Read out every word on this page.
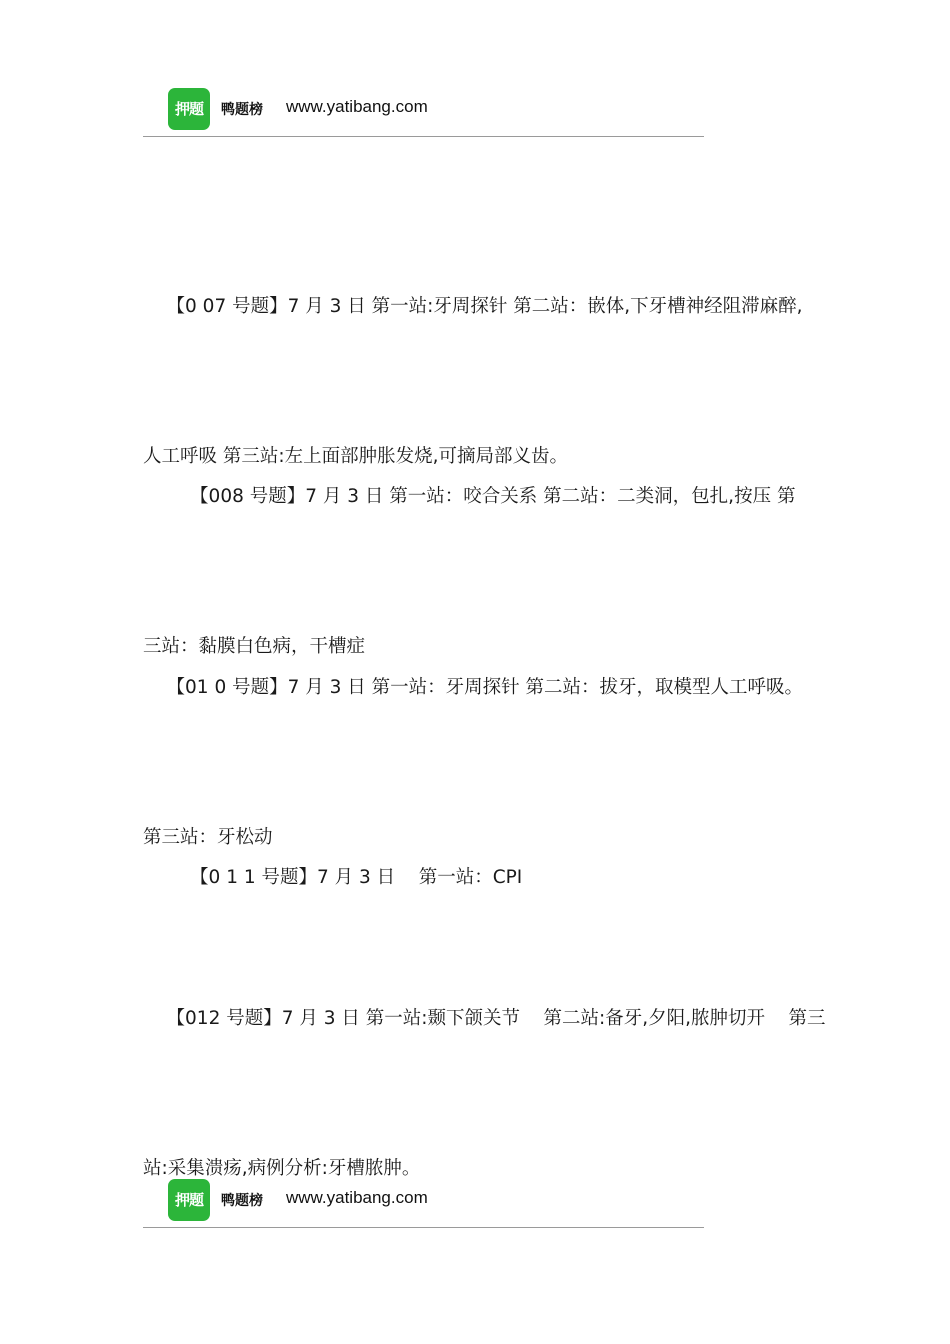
押题	鸭题榜 www.yatibang.com

【0 07 号题】7 月 3 日 第一站:牙周探针 第二站：嵌体,下牙槽神经阻滞麻醉,

人工呼吸 第三站:左上面部肿胀发烧,可摘局部义齿。

【008 号题】7 月 3 日 第一站：咬合关系 第二站：二类洞，包扎,按压 第

三站：黏膜白色病，干槽症

【01 0 号题】7 月 3 日 第一站：牙周探针 第二站：拔牙，取模型人工呼吸。

第三站：牙松动

【0 1 1 号题】7 月 3 日    第一站：CPI

【012 号题】7 月 3 日 第一站:颞下颌关节    第二站:备牙,夕阳,脓肿切开    第三

站:采集溃疡,病例分析:牙槽脓肿。

押题	鸭题榜 www.yatibang.com
